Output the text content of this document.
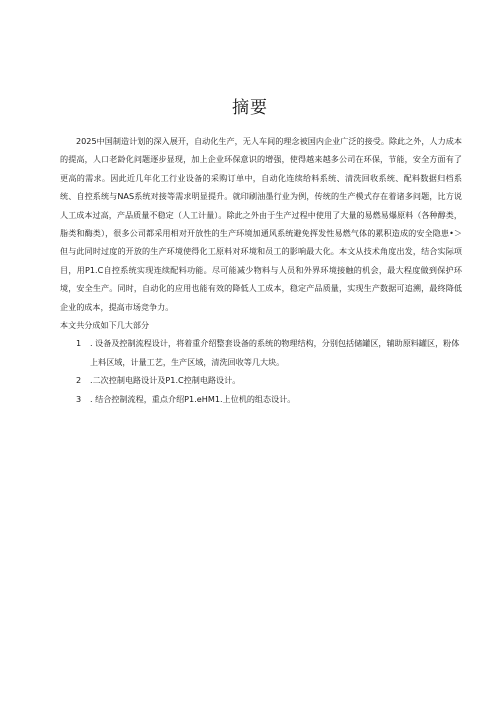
摘要

2025中国制造计划的深入展开，自动化生产，无人车间的理念被国内企业广泛的接受。除此之外，人力成本的提高，人口老龄化问题逐步显现，加上企业环保意识的增强，使得越来越多公司在环保，节能，安全方面有了更高的需求。因此近几年化工行业设备的采购订单中，自动化连续给料系统、清洗回收系统、配料数据归档系统、自控系统与NAS系统对接等需求明显提升。就印刷油墨行业为例，传统的生产模式存在着诸多问题，比方说人工成本过高，产品质量不稳定（人工计量）。除此之外由于生产过程中使用了大量的易燃易爆原料（各种醇类，脂类和酶类），很多公司都采用相对开放性的生产环境加通风系统避免挥发性易燃气体的累积造成的安全隐患•＞但与此同时过度的开放的生产环境使得化工原料对环境和员工的影响最大化。本文从技术角度出发，结合实际项目，用P1.C自控系统实现连续配料功能。尽可能减少物料与人员和外界环境接触的机会，最大程度做到保护环境，安全生产。同时，自动化的应用也能有效的降低人工成本，稳定产品质量，实现生产数据可追溯，最终降低企业的成本，提高市场竞争力。

本文共分成如下几大部分

1 . 设备及控制流程设计，将着重介绍整套设备的系统的物理结构，分别包括储罐区，辅助原料罐区，粉体上料区域，计量工艺，生产区域，清洗回收等几大块。
2 .二次控制电路设计及P1.C控制电路设计。
3 . 结合控制流程，重点介绍P1.eHM1.上位机的组态设计。
